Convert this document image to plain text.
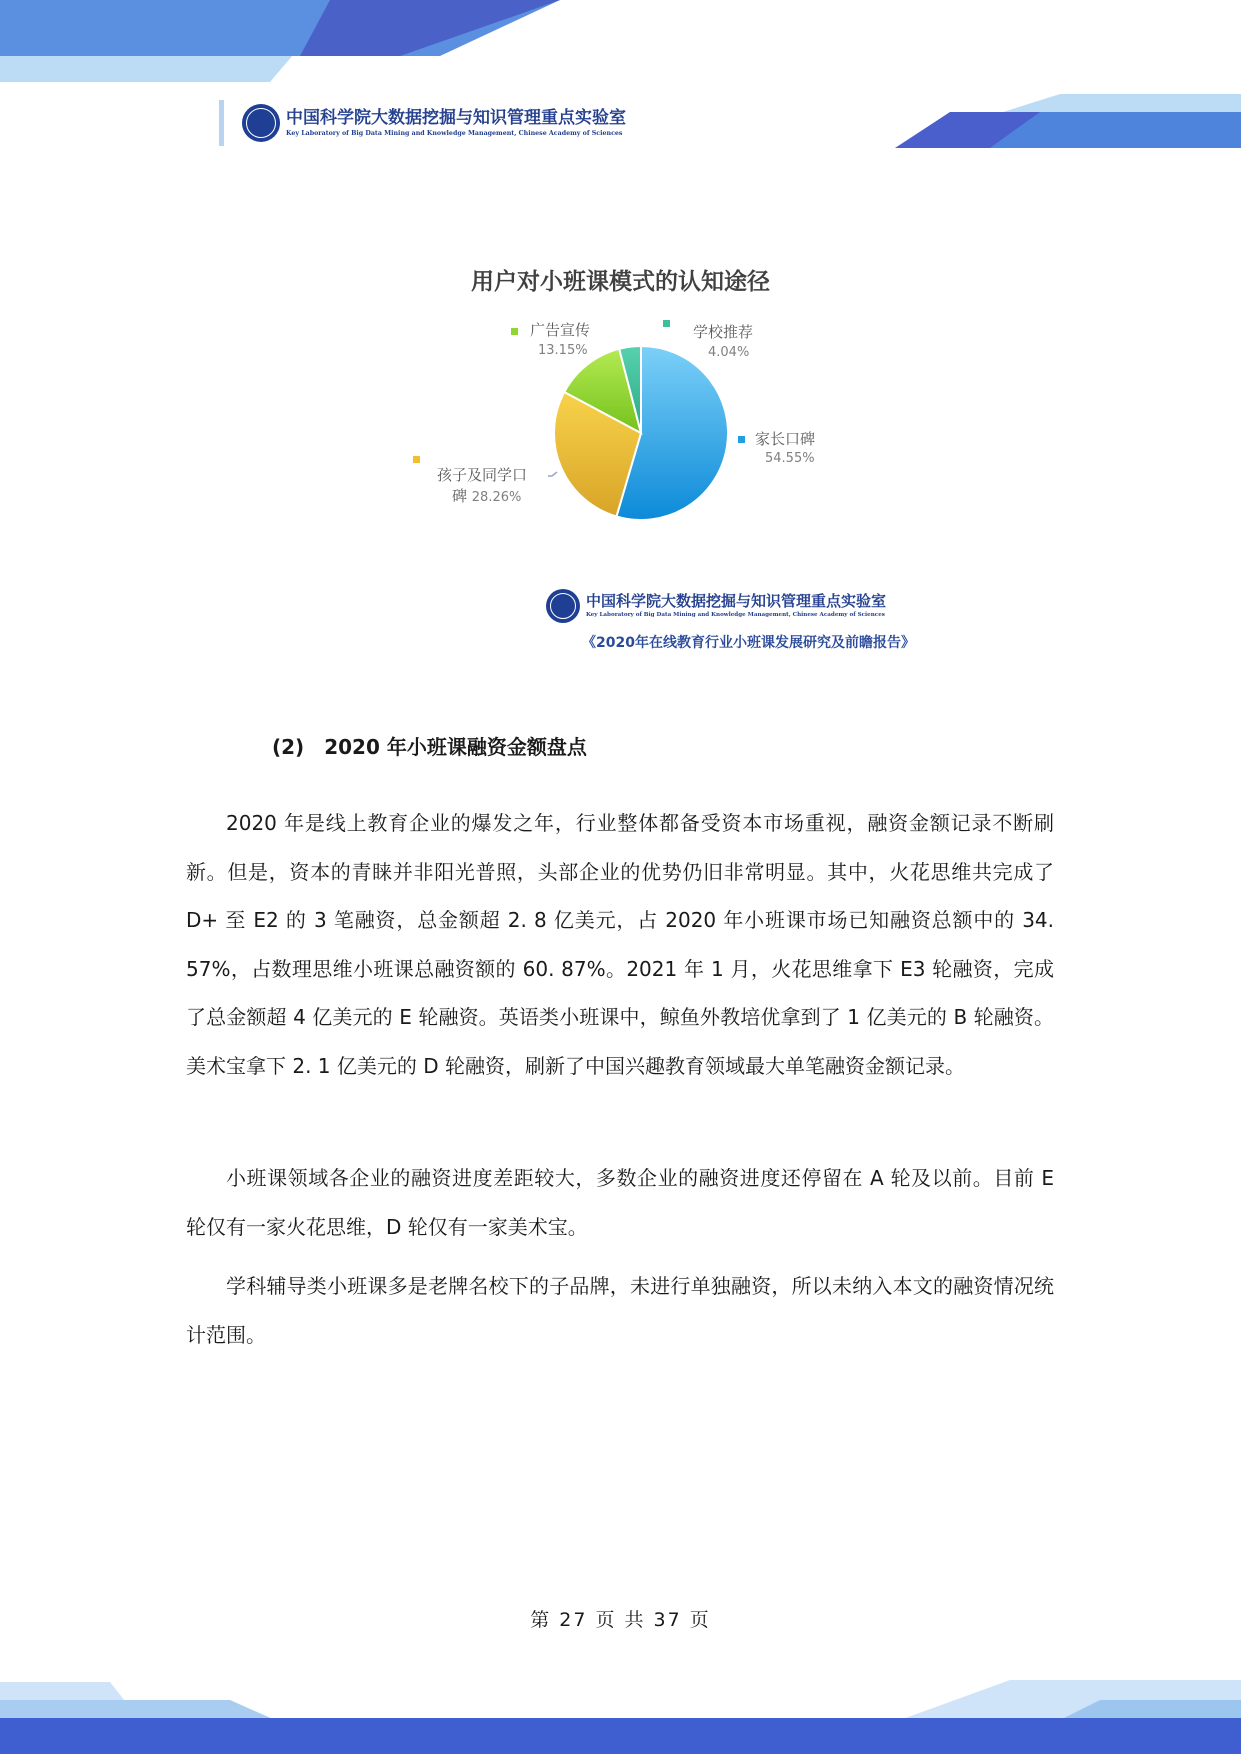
中国科学院大数据挖掘与知识管理重点实验室
Key Laboratory of Big Data Mining and Knowledge Management, Chinese Academy of Sciences
用户对小班课模式的认知途径
广告宣传
13.15%
学校推荐
4.04%
家长口碑
54.55%
孩子及同学口
碑 28.26%
中国科学院大数据挖掘与知识管理重点实验室
Key Laboratory of Big Data Mining and Knowledge Management, Chinese Academy of Sciences
《2020年在线教育行业小班课发展研究及前瞻报告》
(2)　2020 年小班课融资金额盘点
2020 年是线上教育企业的爆发之年，行业整体都备受资本市场重视，融资金额记录不断刷新。但是，资本的青睐并非阳光普照，头部企业的优势仍旧非常明显。其中，火花思维共完成了 D+ 至 E2 的 3 笔融资，总金额超 2. 8 亿美元，占 2020 年小班课市场已知融资总额中的 34. 57%，占数理思维小班课总融资额的 60. 87%。2021 年 1 月，火花思维拿下 E3 轮融资，完成了总金额超 4 亿美元的 E 轮融资。英语类小班课中，鲸鱼外教培优拿到了 1 亿美元的 B 轮融资。美术宝拿下 2. 1 亿美元的 D 轮融资，刷新了中国兴趣教育领域最大单笔融资金额记录。
小班课领域各企业的融资进度差距较大，多数企业的融资进度还停留在 A 轮及以前。目前 E 轮仅有一家火花思维，D 轮仅有一家美术宝。
学科辅导类小班课多是老牌名校下的子品牌，未进行单独融资，所以未纳入本文的融资情况统计范围。
第 27 页 共 37 页
